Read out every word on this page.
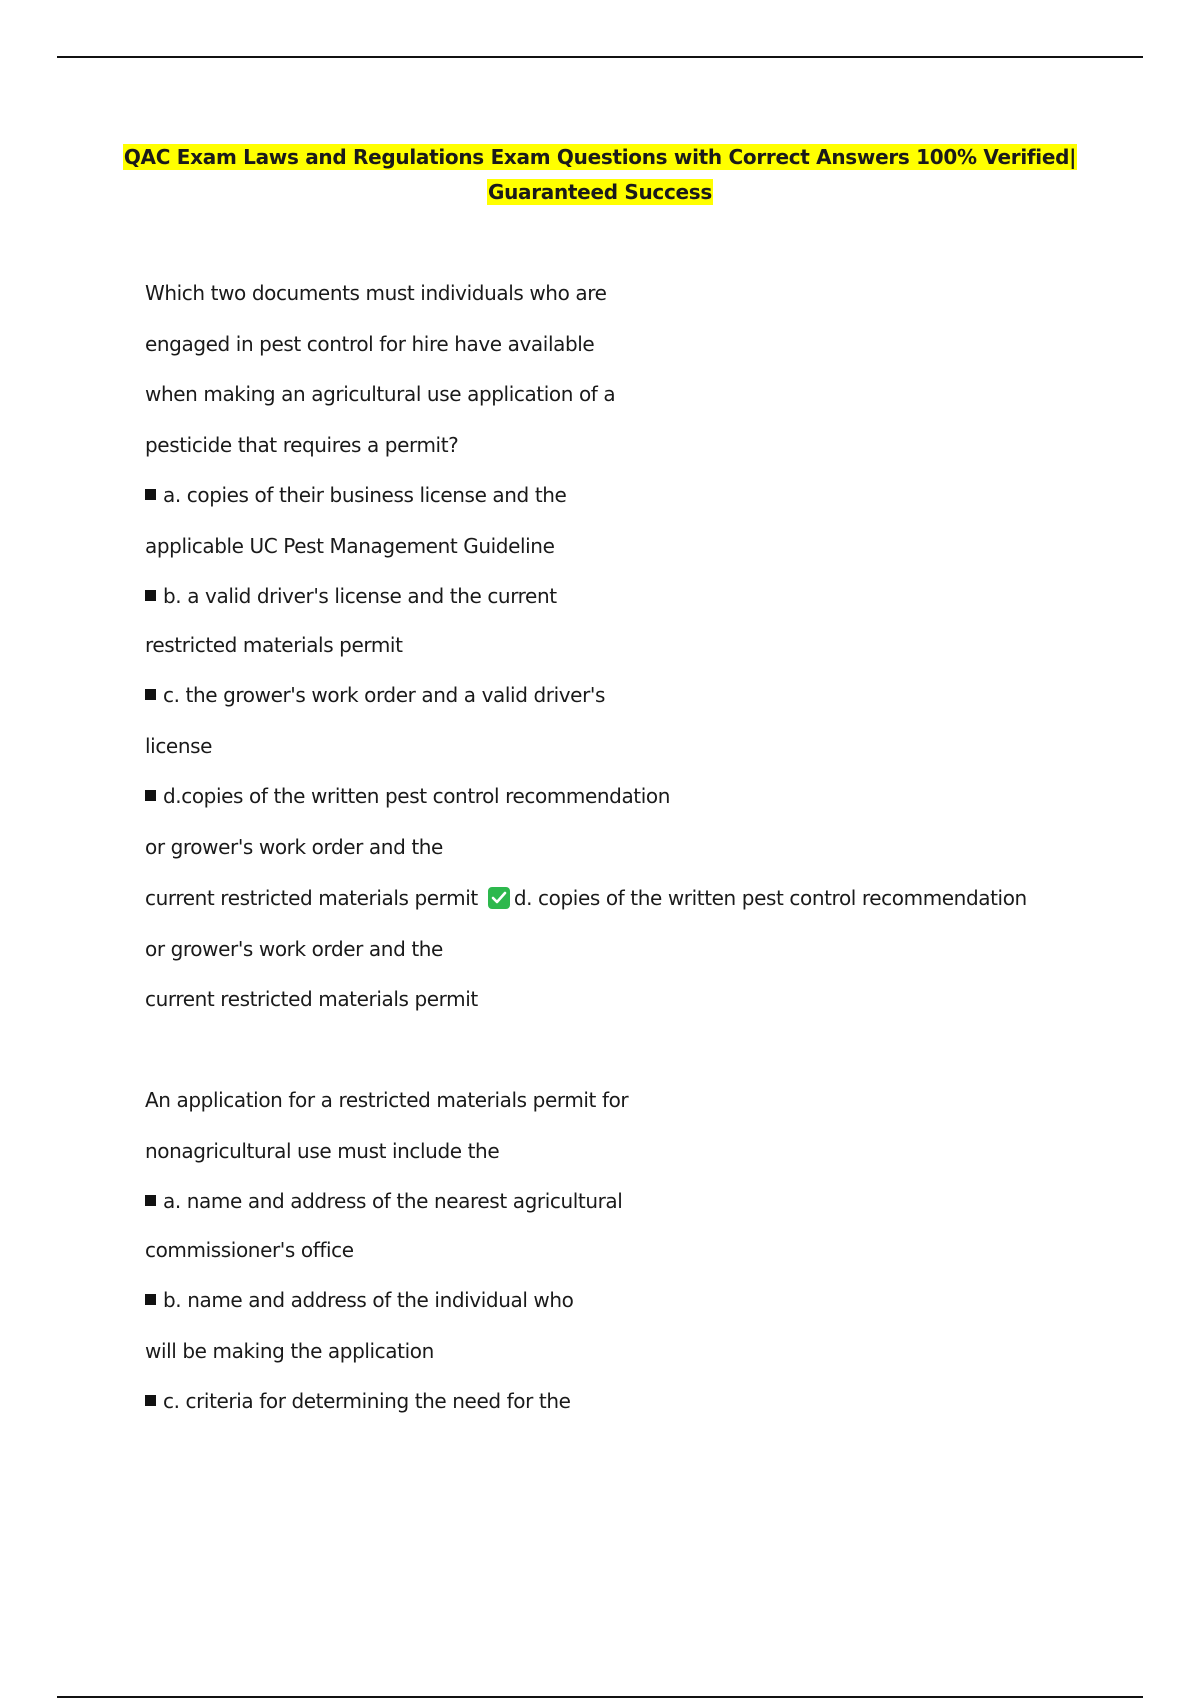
QAC Exam Laws and Regulations Exam Questions with Correct Answers 100% Verified|
Guaranteed Success
Which two documents must individuals who are
engaged in pest control for hire have available
when making an agricultural use application of a
pesticide that requires a permit?
a. copies of their business license and the
applicable UC Pest Management Guideline
b. a valid driver's license and the current
restricted materials permit
c. the grower's work order and a valid driver's
license
d.copies of the written pest control recommendation
or grower's work order and the
current restricted materials permit d. copies of the written pest control recommendation
or grower's work order and the
current restricted materials permit
An application for a restricted materials permit for
nonagricultural use must include the
a. name and address of the nearest agricultural
commissioner's office
b. name and address of the individual who
will be making the application
c. criteria for determining the need for the
